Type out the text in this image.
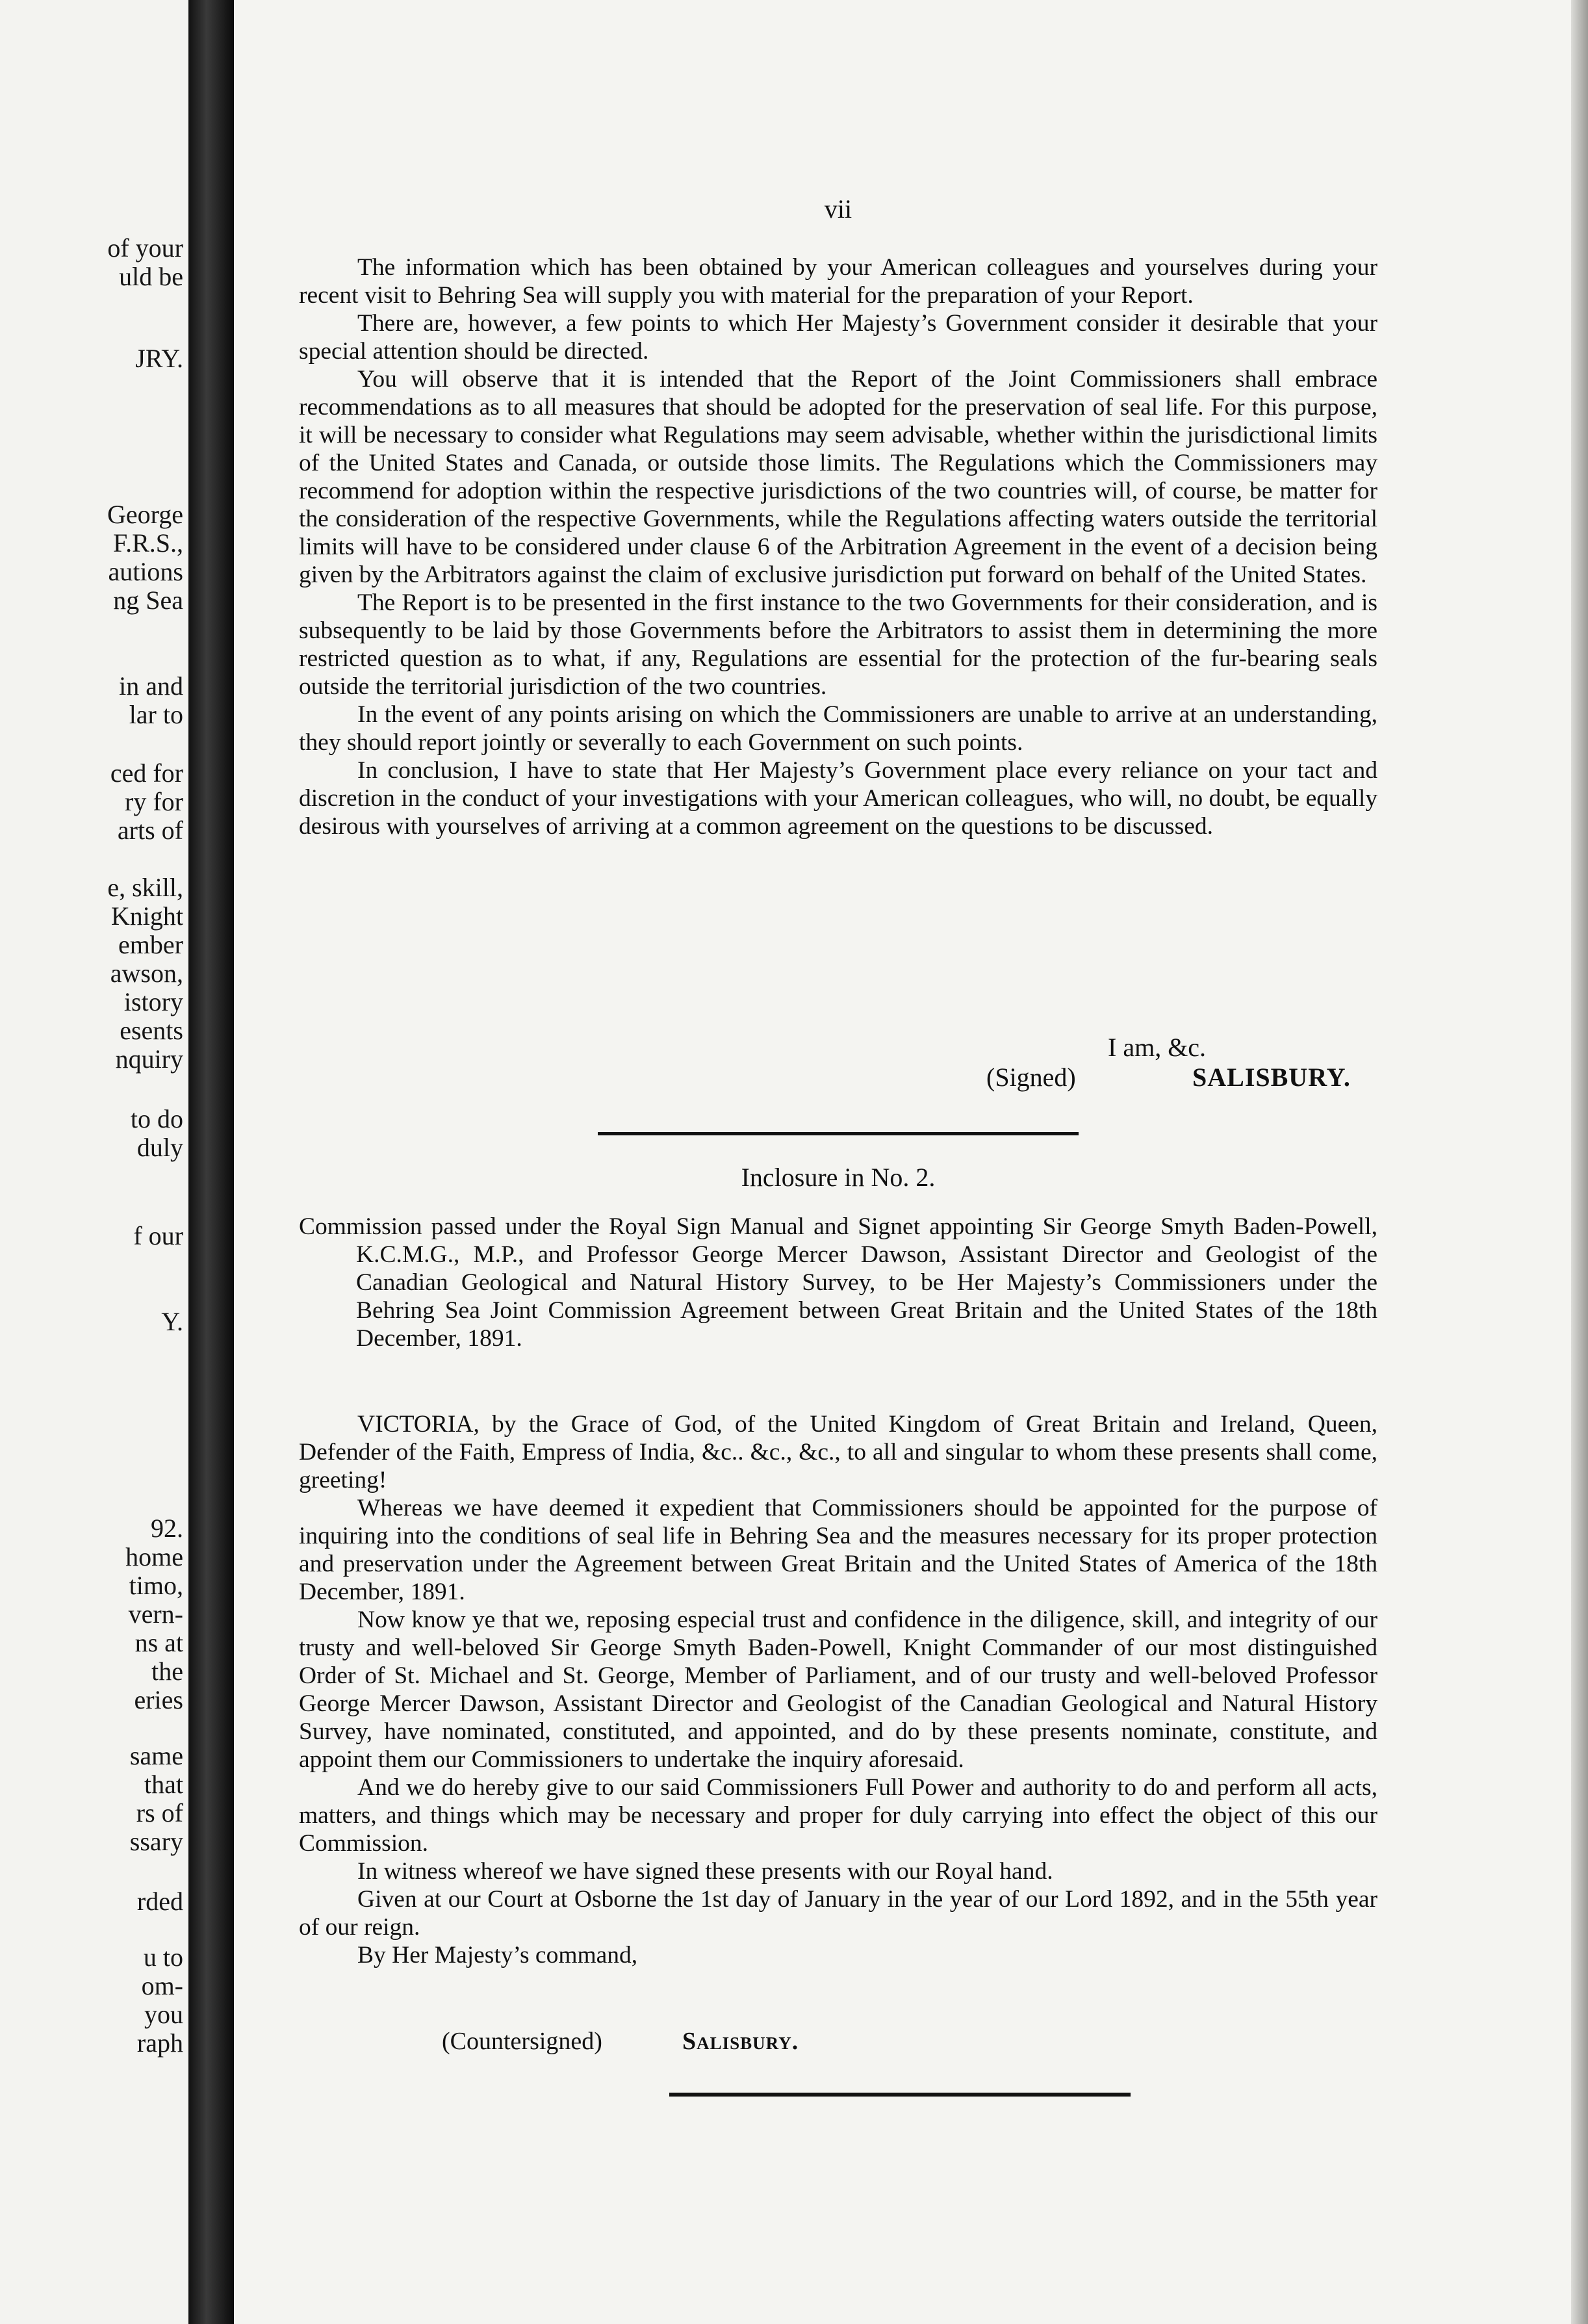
of your

uld be

JRY.

George

F.R.S.,

autions

ng Sea

in and

lar to

ced for

ry for

arts of

e, skill,

Knight

ember

awson,

istory

esents

nquiry

to do

duly

f our

Y.

92.

home

timo,

vern-

ns at

the

eries

same

that

rs of

ssary

rded

u to

om-

you

raph

vii

The information which has been obtained by your American colleagues and yourselves during your recent visit to Behring Sea will supply you with material for the preparation of your Report.

There are, however, a few points to which Her Majesty’s Government consider it desirable that your special attention should be directed.

You will observe that it is intended that the Report of the Joint Commissioners shall embrace recommendations as to all measures that should be adopted for the preservation of seal life. For this purpose, it will be necessary to consider what Regulations may seem advisable, whether within the jurisdictional limits of the United States and Canada, or outside those limits. The Regulations which the Commissioners may recommend for adoption within the respective jurisdictions of the two countries will, of course, be matter for the consideration of the respective Governments, while the Regulations affecting waters outside the territorial limits will have to be considered under clause 6 of the Arbitration Agreement in the event of a decision being given by the Arbitrators against the claim of exclusive jurisdiction put forward on behalf of the United States.

The Report is to be presented in the first instance to the two Governments for their consideration, and is subsequently to be laid by those Governments before the Arbitrators to assist them in determining the more restricted question as to what, if any, Regulations are essential for the protection of the fur-bearing seals outside the territorial jurisdiction of the two countries.

In the event of any points arising on which the Commissioners are unable to arrive at an understanding, they should report jointly or severally to each Government on such points.

In conclusion, I have to state that Her Majesty’s Government place every reliance on your tact and discretion in the conduct of your investigations with your American colleagues, who will, no doubt, be equally desirous with yourselves of arriving at a common agreement on the questions to be discussed.

I am, &c.

(Signed)	SALISBURY.

Inclosure in No. 2.

Commission passed under the Royal Sign Manual and Signet appointing Sir George Smyth Baden-Powell, K.C.M.G., M.P., and Professor George Mercer Dawson, Assistant Director and Geologist of the Canadian Geological and Natural History Survey, to be Her Majesty’s Commissioners under the Behring Sea Joint Commission Agreement between Great Britain and the United States of the 18th December, 1891.

VICTORIA, by the Grace of God, of the United Kingdom of Great Britain and Ireland, Queen, Defender of the Faith, Empress of India, &c.. &c., &c., to all and singular to whom these presents shall come, greeting!

Whereas we have deemed it expedient that Commissioners should be appointed for the purpose of inquiring into the conditions of seal life in Behring Sea and the measures necessary for its proper protection and preservation under the Agreement between Great Britain and the United States of America of the 18th December, 1891.

Now know ye that we, reposing especial trust and confidence in the diligence, skill, and integrity of our trusty and well-beloved Sir George Smyth Baden-Powell, Knight Commander of our most distinguished Order of St. Michael and St. George, Member of Parliament, and of our trusty and well-beloved Professor George Mercer Dawson, Assistant Director and Geologist of the Canadian Geological and Natural History Survey, have nominated, constituted, and appointed, and do by these presents nominate, constitute, and appoint them our Commissioners to undertake the inquiry aforesaid.

And we do hereby give to our said Commissioners Full Power and authority to do and perform all acts, matters, and things which may be necessary and proper for duly carrying into effect the object of this our Commission.

In witness whereof we have signed these presents with our Royal hand.

Given at our Court at Osborne the 1st day of January in the year of our Lord 1892, and in the 55th year of our reign.

By Her Majesty’s command,

(Countersigned)	Salisbury.
